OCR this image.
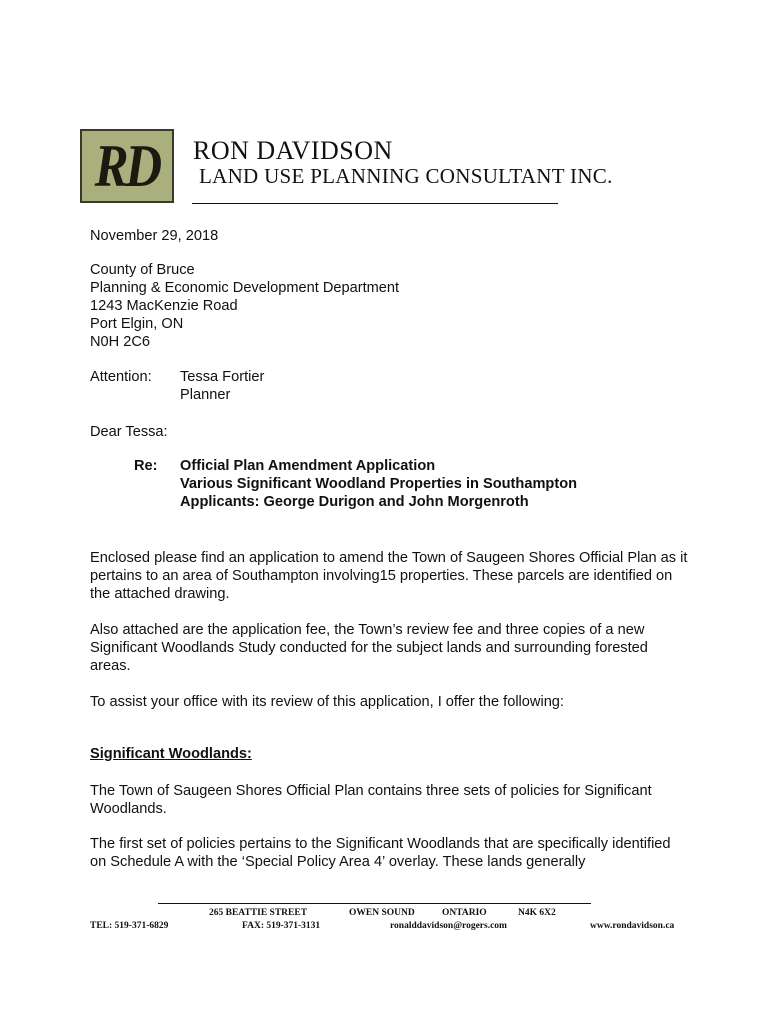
RD RON DAVIDSON
LAND USE PLANNING CONSULTANT INC.
November 29, 2018
County of Bruce
Planning & Economic Development Department
1243 MacKenzie Road
Port Elgin, ON
N0H 2C6
Attention: Tessa Fortier
Planner
Dear Tessa:
Re: Official Plan Amendment Application
Various Significant Woodland Properties in Southampton
Applicants: George Durigon and John Morgenroth

Enclosed please find an application to amend the Town of Saugeen Shores Official Plan as it pertains to an area of Southampton involving15 properties. These parcels are identified on the attached drawing.

Also attached are the application fee, the Town’s review fee and three copies of a new Significant Woodlands Study conducted for the subject lands and surrounding forested areas.

To assist your office with its review of this application, I offer the following:

Significant Woodlands:

The Town of Saugeen Shores Official Plan contains three sets of policies for Significant Woodlands.

The first set of policies pertains to the Significant Woodlands that are specifically identified on Schedule A with the ‘Special Policy Area 4’ overlay. These lands generally

265 BEATTIE STREET	OWEN SOUND	ONTARIO	N4K 6X2
TEL: 519-371-6829	FAX: 519-371-3131	ronalddavidson@rogers.com	www.rondavidson.ca
